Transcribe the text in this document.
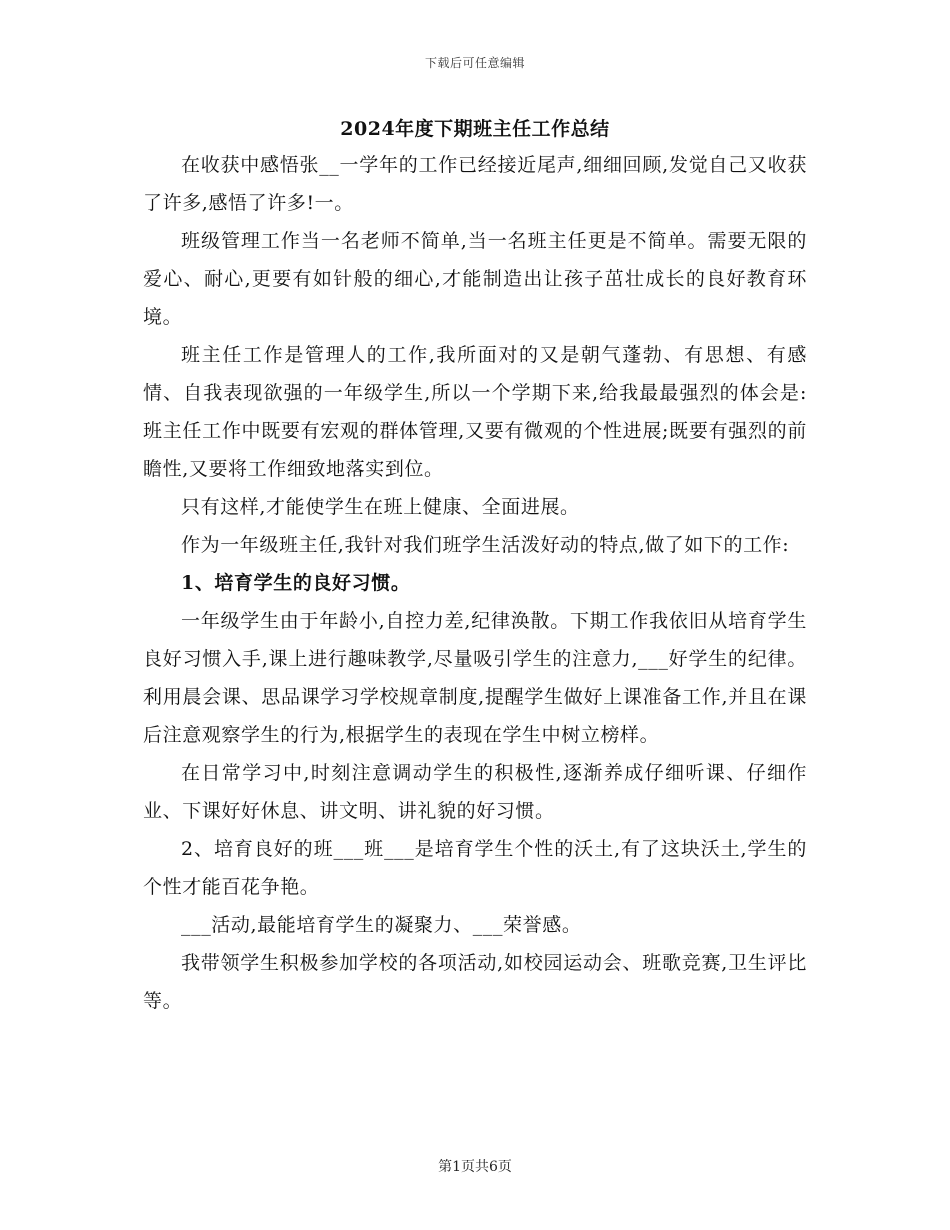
下载后可任意编辑
2024年度下期班主任工作总结

在收获中感悟张__一学年的工作已经接近尾声,细细回顾,发觉自己又收获了许多,感悟了许多!一。

班级管理工作当一名老师不简单,当一名班主任更是不简单。需要无限的爱心、耐心,更要有如针般的细心,才能制造出让孩子茁壮成长的良好教育环境。

班主任工作是管理人的工作,我所面对的又是朝气蓬勃、有思想、有感情、自我表现欲强的一年级学生,所以一个学期下来,给我最最强烈的体会是:班主任工作中既要有宏观的群体管理,又要有微观的个性进展;既要有强烈的前瞻性,又要将工作细致地落实到位。

只有这样,才能使学生在班上健康、全面进展。

作为一年级班主任,我针对我们班学生活泼好动的特点,做了如下的工作:

1、培育学生的良好习惯。

一年级学生由于年龄小,自控力差,纪律涣散。下期工作我依旧从培育学生良好习惯入手,课上进行趣味教学,尽量吸引学生的注意力,___好学生的纪律。利用晨会课、思品课学习学校规章制度,提醒学生做好上课准备工作,并且在课后注意观察学生的行为,根据学生的表现在学生中树立榜样。

在日常学习中,时刻注意调动学生的积极性,逐渐养成仔细听课、仔细作业、下课好好休息、讲文明、讲礼貌的好习惯。

2、培育良好的班___班___是培育学生个性的沃土,有了这块沃土,学生的个性才能百花争艳。

___活动,最能培育学生的凝聚力、___荣誉感。

我带领学生积极参加学校的各项活动,如校园运动会、班歌竞赛,卫生评比等。

第1页共6页
